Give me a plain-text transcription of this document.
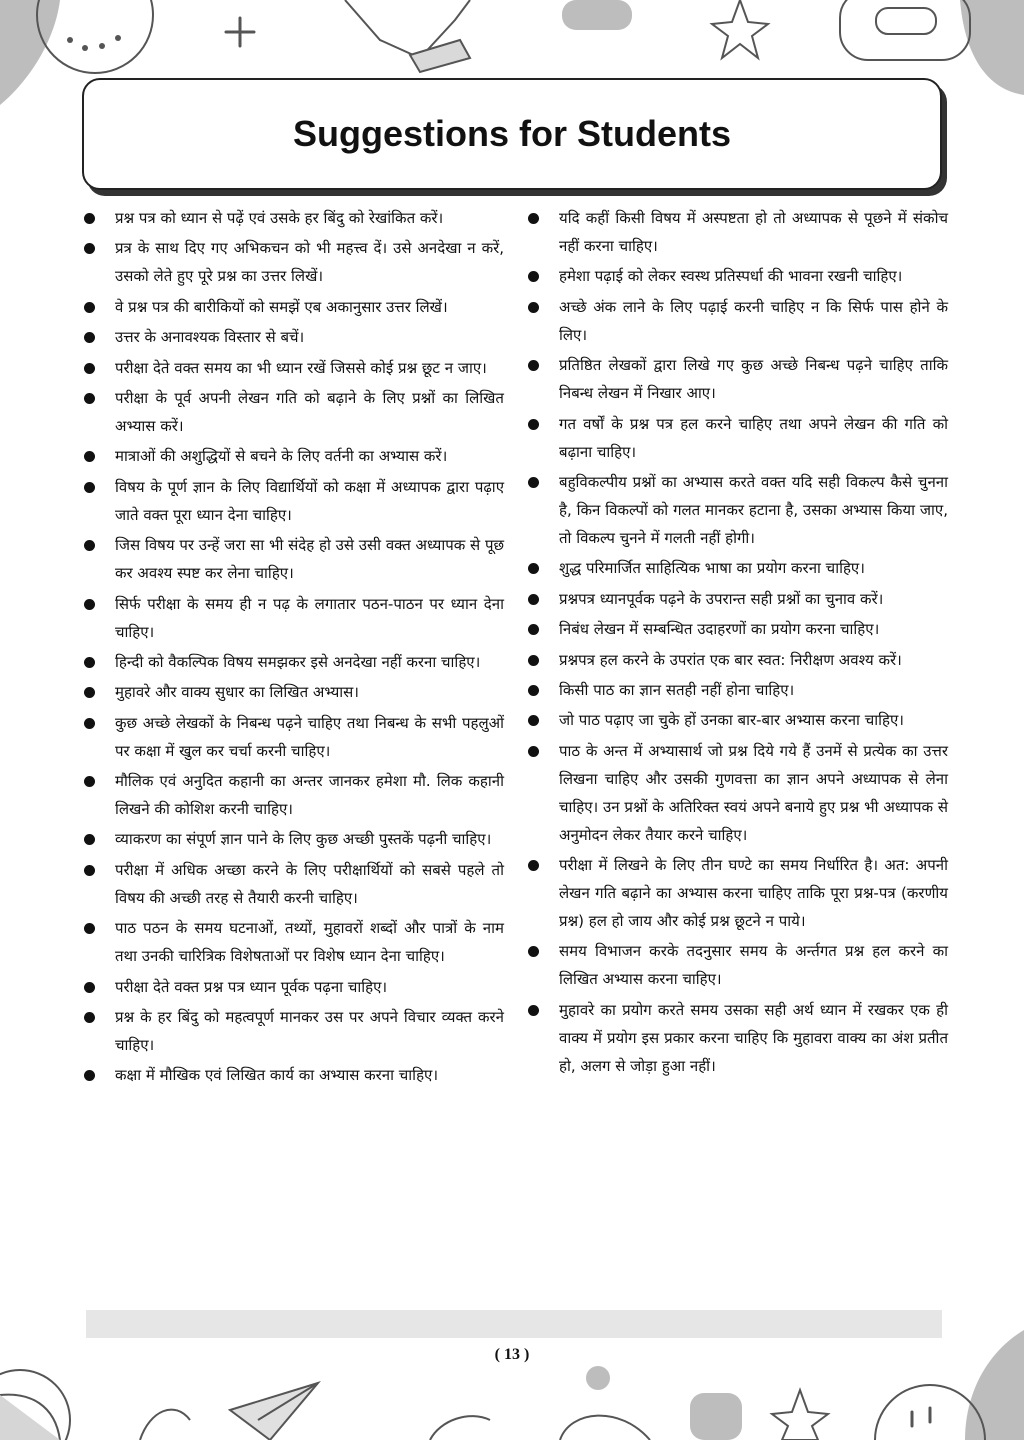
Suggestions for Students
प्रश्न पत्र को ध्यान से पढ़ें एवं उसके हर बिंदु को रेखांकित करें।
प्रत्र के साथ दिए गए अभिकचन को भी महत्त्व दें। उसे अनदेखा न करें, उसको लेते हुए पूरे प्रश्न का उत्तर लिखें।
वे प्रश्न पत्र की बारीकियों को समझें एब अकानुसार उत्तर लिखें।
उत्तर के अनावश्यक विस्तार से बचें।
परीक्षा देते वक्त समय का भी ध्यान रखें जिससे कोई प्रश्न छूट न जाए।
परीक्षा के पूर्व अपनी लेखन गति को बढ़ाने के लिए प्रश्नों का लिखित अभ्यास करें।
मात्राओं की अशुद्धियों से बचने के लिए वर्तनी का अभ्यास करें।
विषय के पूर्ण ज्ञान के लिए विद्यार्थियों को कक्षा में अध्यापक द्वारा पढ़ाए जाते वक्त पूरा ध्यान देना चाहिए।
जिस विषय पर उन्हें जरा सा भी संदेह हो उसे उसी वक्त अध्यापक से पूछ कर अवश्य स्पष्ट कर लेना चाहिए।
सिर्फ परीक्षा के समय ही न पढ़ के लगातार पठन-पाठन पर ध्यान देना चाहिए।
हिन्दी को वैकल्पिक विषय समझकर इसे अनदेखा नहीं करना चाहिए।
मुहावरे और वाक्य सुधार का लिखित अभ्यास।
कुछ अच्छे लेखकों के निबन्ध पढ़ने चाहिए तथा निबन्ध के सभी पहलुओं पर कक्षा में खुल कर चर्चा करनी चाहिए।
मौलिक एवं अनुदित कहानी का अन्तर जानकर हमेशा मौ. लिक कहानी लिखने की कोशिश करनी चाहिए।
व्याकरण का संपूर्ण ज्ञान पाने के लिए कुछ अच्छी पुस्तकें पढ़नी चाहिए।
परीक्षा में अधिक अच्छा करने के लिए परीक्षार्थियों को सबसे पहले तो विषय की अच्छी तरह से तैयारी करनी चाहिए।
पाठ पठन के समय घटनाओं, तथ्यों, मुहावरों शब्दों और पात्रों के नाम तथा उनकी चारित्रिक विशेषताओं पर विशेष ध्यान देना चाहिए।
परीक्षा देते वक्त प्रश्न पत्र ध्यान पूर्वक पढ़ना चाहिए।
प्रश्न के हर बिंदु को महत्वपूर्ण मानकर उस पर अपने विचार व्यक्त करने चाहिए।
कक्षा में मौखिक एवं लिखित कार्य का अभ्यास करना चाहिए।
यदि कहीं किसी विषय में अस्पष्टता हो तो अध्यापक से पूछने में संकोच नहीं करना चाहिए।
हमेशा पढ़ाई को लेकर स्वस्थ प्रतिस्पर्धा की भावना रखनी चाहिए।
अच्छे अंक लाने के लिए पढ़ाई करनी चाहिए न कि सिर्फ पास होने के लिए।
प्रतिष्ठित लेखकों द्वारा लिखे गए कुछ अच्छे निबन्ध पढ़ने चाहिए ताकि निबन्ध लेखन में निखार आए।
गत वर्षों के प्रश्न पत्र हल करने चाहिए तथा अपने लेखन की गति को बढ़ाना चाहिए।
बहुविकल्पीय प्रश्नों का अभ्यास करते वक्त यदि सही विकल्प कैसे चुनना है, किन विकल्पों को गलत मानकर हटाना है, उसका अभ्यास किया जाए, तो विकल्प चुनने में गलती नहीं होगी।
शुद्ध परिमार्जित साहित्यिक भाषा का प्रयोग करना चाहिए।
प्रश्नपत्र ध्यानपूर्वक पढ़ने के उपरान्त सही प्रश्नों का चुनाव करें।
निबंध लेखन में सम्बन्धित उदाहरणों का प्रयोग करना चाहिए।
प्रश्नपत्र हल करने के उपरांत एक बार स्वत: निरीक्षण अवश्य करें।
किसी पाठ का ज्ञान सतही नहीं होना चाहिए।
जो पाठ पढ़ाए जा चुके हों उनका बार-बार अभ्यास करना चाहिए।
पाठ के अन्त में अभ्यासार्थ जो प्रश्न दिये गये हैं उनमें से प्रत्येक का उत्तर लिखना चाहिए और उसकी गुणवत्ता का ज्ञान अपने अध्यापक से लेना चाहिए। उन प्रश्नों के अतिरिक्त स्वयं अपने बनाये हुए प्रश्न भी अध्यापक से अनुमोदन लेकर तैयार करने चाहिए।
परीक्षा में लिखने के लिए तीन घण्टे का समय निर्धारित है। अत: अपनी लेखन गति बढ़ाने का अभ्यास करना चाहिए ताकि पूरा प्रश्न-पत्र (करणीय प्रश्न) हल हो जाय और कोई प्रश्न छूटने न पाये।
समय विभाजन करके तदनुसार समय के अर्न्तगत प्रश्न हल करने का लिखित अभ्यास करना चाहिए।
मुहावरे का प्रयोग करते समय उसका सही अर्थ ध्यान में रखकर एक ही वाक्य में प्रयोग इस प्रकार करना चाहिए कि मुहावरा वाक्य का अंश प्रतीत हो, अलग से जोड़ा हुआ नहीं।
( 13 )
